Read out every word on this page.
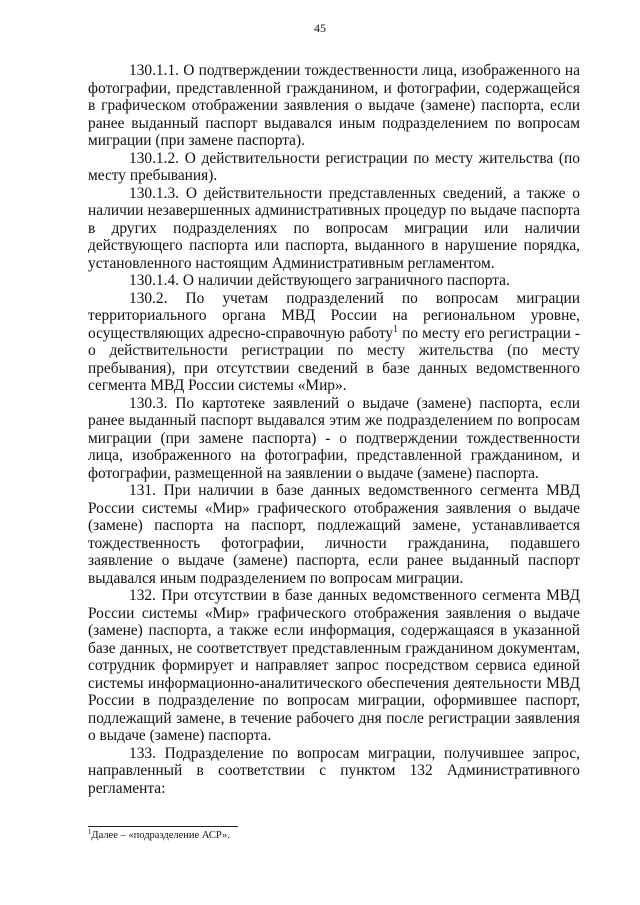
45

130.1.1. О подтверждении тождественности лица, изображенного на фотографии, представленной гражданином, и фотографии, содержащейся в графическом отображении заявления о выдаче (замене) паспорта, если ранее выданный паспорт выдавался иным подразделением по вопросам миграции (при замене паспорта).

130.1.2. О действительности регистрации по месту жительства (по месту пребывания).

130.1.3. О действительности представленных сведений, а также о наличии незавершенных административных процедур по выдаче паспорта в других подразделениях по вопросам миграции или наличии действующего паспорта или паспорта, выданного в нарушение порядка, установленного настоящим Административным регламентом.

130.1.4. О наличии действующего заграничного паспорта.

130.2. По учетам подразделений по вопросам миграции территориального органа МВД России на региональном уровне, осуществляющих адресно-справочную работу$^1$ по месту его регистрации - о действительности регистрации по месту жительства (по месту пребывания), при отсутствии сведений в базе данных ведомственного сегмента МВД России системы «Мир».

130.3. По картотеке заявлений о выдаче (замене) паспорта, если ранее выданный паспорт выдавался этим же подразделением по вопросам миграции (при замене паспорта) - о подтверждении тождественности лица, изображенного на фотографии, представленной гражданином, и фотографии, размещенной на заявлении о выдаче (замене) паспорта.

131. При наличии в базе данных ведомственного сегмента МВД России системы «Мир» графического отображения заявления о выдаче (замене) паспорта на паспорт, подлежащий замене, устанавливается тождественность фотографии, личности гражданина, подавшего заявление о выдаче (замене) паспорта, если ранее выданный паспорт выдавался иным подразделением по вопросам миграции.

132. При отсутствии в базе данных ведомственного сегмента МВД России системы «Мир» графического отображения заявления о выдаче (замене) паспорта, а также если информация, содержащаяся в указанной базе данных, не соответствует представленным гражданином документам, сотрудник формирует и направляет запрос посредством сервиса единой системы информационно-аналитического обеспечения деятельности МВД России в подразделение по вопросам миграции, оформившее паспорт, подлежащий замене, в течение рабочего дня после регистрации заявления о выдаче (замене) паспорта.

133. Подразделение по вопросам миграции, получившее запрос, направленный в соответствии с пунктом 132 Административного регламента:

$^1$Далее – «подразделение АСР».
